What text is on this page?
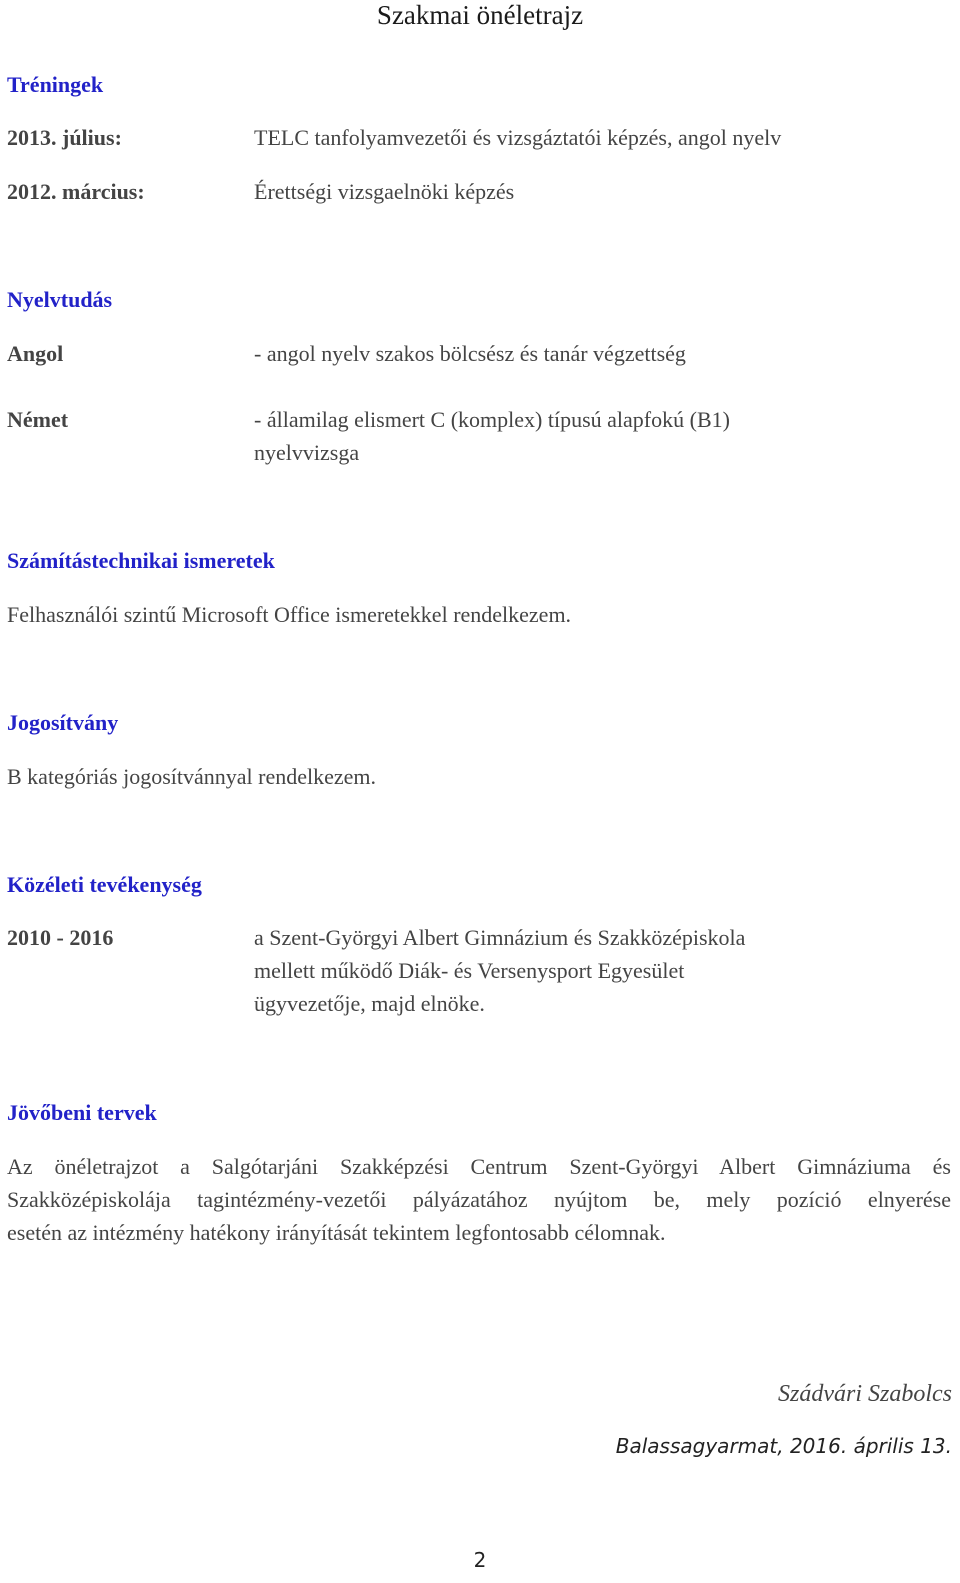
Szakmai önéletrajz
Tréningek
2013. július:	TELC tanfolyamvezetői és vizsgáztatói képzés, angol nyelv
2012. március:	Érettségi vizsgaelnöki képzés
Nyelvtudás
Angol	- angol nyelv szakos bölcsész és tanár végzettség
Német	- államilag elismert C (komplex) típusú alapfokú (B1)
nyelvvizsga
Számítástechnikai ismeretek
Felhasználói szintű Microsoft Office ismeretekkel rendelkezem.
Jogosítvány
B kategóriás jogosítvánnyal rendelkezem.
Közéleti tevékenység
2010 - 2016	a Szent-Györgyi Albert Gimnázium és Szakközépiskola
mellett működő Diák- és Versenysport Egyesület
ügyvezetője, majd elnöke.
Jövőbeni tervek
Az önéletrajzot a Salgótarjáni Szakképzési Centrum Szent-Györgyi Albert Gimnáziuma és
Szakközépiskolája tagintézmény-vezetői pályázatához nyújtom be, mely pozíció elnyerése
esetén az intézmény hatékony irányítását tekintem legfontosabb célomnak.
Szádvári Szabolcs
Balassagyarmat, 2016. április 13.
2
